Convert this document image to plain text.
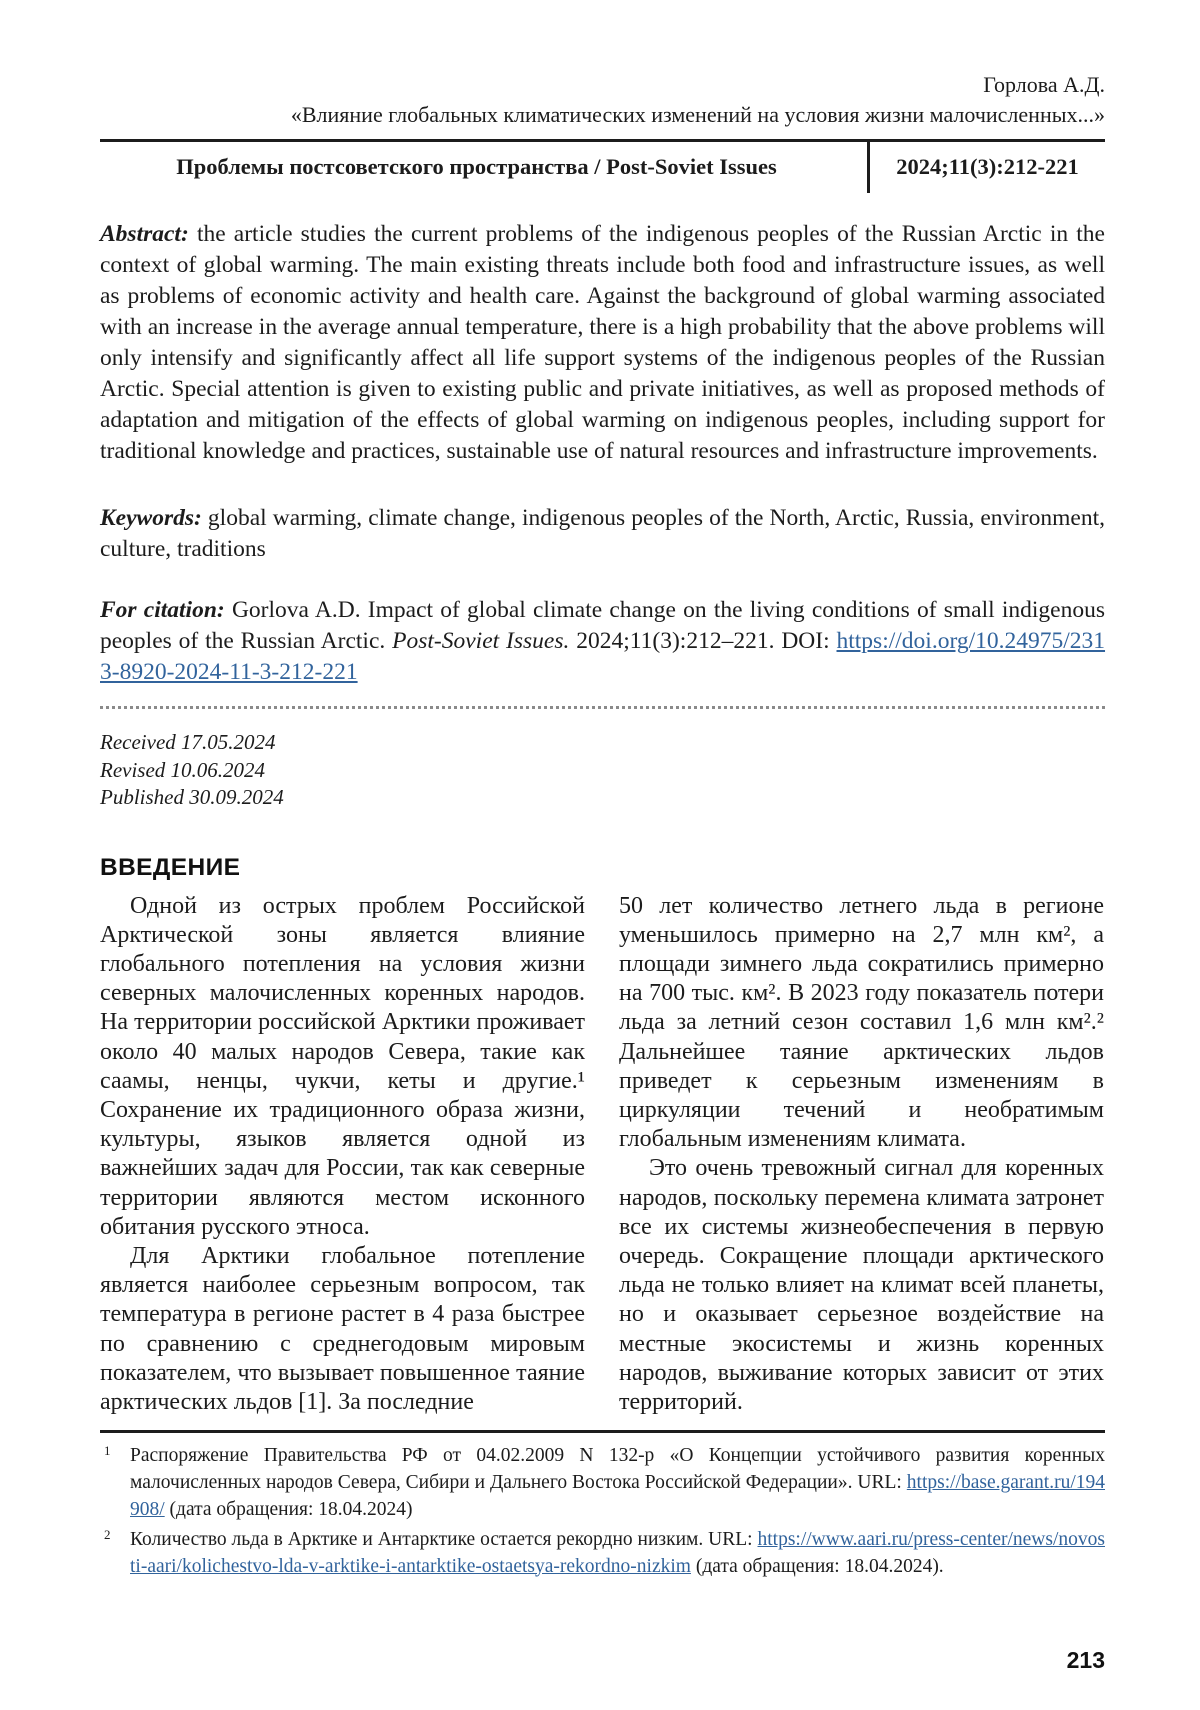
Горлова А.Д.
«Влияние глобальных климатических изменений на условия жизни малочисленных...»
Проблемы постсоветского пространства / Post-Soviet Issues	2024;11(3):212-221

Abstract: the article studies the current problems of the indigenous peoples of the Russian Arctic in the context of global warming. The main existing threats include both food and infrastructure issues, as well as problems of economic activity and health care. Against the background of global warming associated with an increase in the average annual temperature, there is a high probability that the above problems will only intensify and significantly affect all life support systems of the indigenous peoples of the Russian Arctic. Special attention is given to existing public and private initiatives, as well as proposed methods of adaptation and mitigation of the effects of global warming on indigenous peoples, including support for traditional knowledge and practices, sustainable use of natural resources and infrastructure improvements.

Keywords: global warming, climate change, indigenous peoples of the North, Arctic, Russia, environment, culture, traditions

For citation: Gorlova A.D. Impact of global climate change on the living conditions of small indigenous peoples of the Russian Arctic. Post-Soviet Issues. 2024;11(3):212–221. DOI: https://doi.org/10.24975/2313-8920-2024-11-3-212-221

Received 17.05.2024
Revised 10.06.2024
Published 30.09.2024
ВВЕДЕНИЕ

Одной из острых проблем Российской Арктической зоны является влияние глобального потепления на условия жизни северных малочисленных коренных народов. На территории российской Арктики проживает около 40 малых народов Севера, такие как саамы, ненцы, чукчи, кеты и другие.¹ Сохранение их традиционного образа жизни, культуры, языков является одной из важнейших задач для России, так как северные территории являются местом исконного обитания русского этноса.

Для Арктики глобальное потепление является наиболее серьезным вопросом, так температура в регионе растет в 4 раза быстрее по сравнению с среднегодовым мировым показателем, что вызывает повышенное таяние арктических льдов [1]. За последние

50 лет количество летнего льда в регионе уменьшилось примерно на 2,7 млн км², а площади зимнего льда сократились примерно на 700 тыс. км². В 2023 году показатель потери льда за летний сезон составил 1,6 млн км².² Дальнейшее таяние арктических льдов приведет к серьезным изменениям в циркуляции течений и необратимым глобальным изменениям климата.

Это очень тревожный сигнал для коренных народов, поскольку перемена климата затронет все их системы жизнеобеспечения в первую очередь. Сокращение площади арктического льда не только влияет на климат всей планеты, но и оказывает серьезное воздействие на местные экосистемы и жизнь коренных народов, выживание которых зависит от этих территорий.

1 Распоряжение Правительства РФ от 04.02.2009 N 132-р «О Концепции устойчивого развития коренных малочисленных народов Севера, Сибири и Дальнего Востока Российской Федерации». URL: https://base.garant.ru/194908/ (дата обращения: 18.04.2024)
2 Количество льда в Арктике и Антарктике остается рекордно низким. URL: https://www.aari.ru/press-center/news/novosti-aari/kolichestvo-lda-v-arktike-i-antarktike-ostaetsya-rekordno-nizkim (дата обращения: 18.04.2024).
213
